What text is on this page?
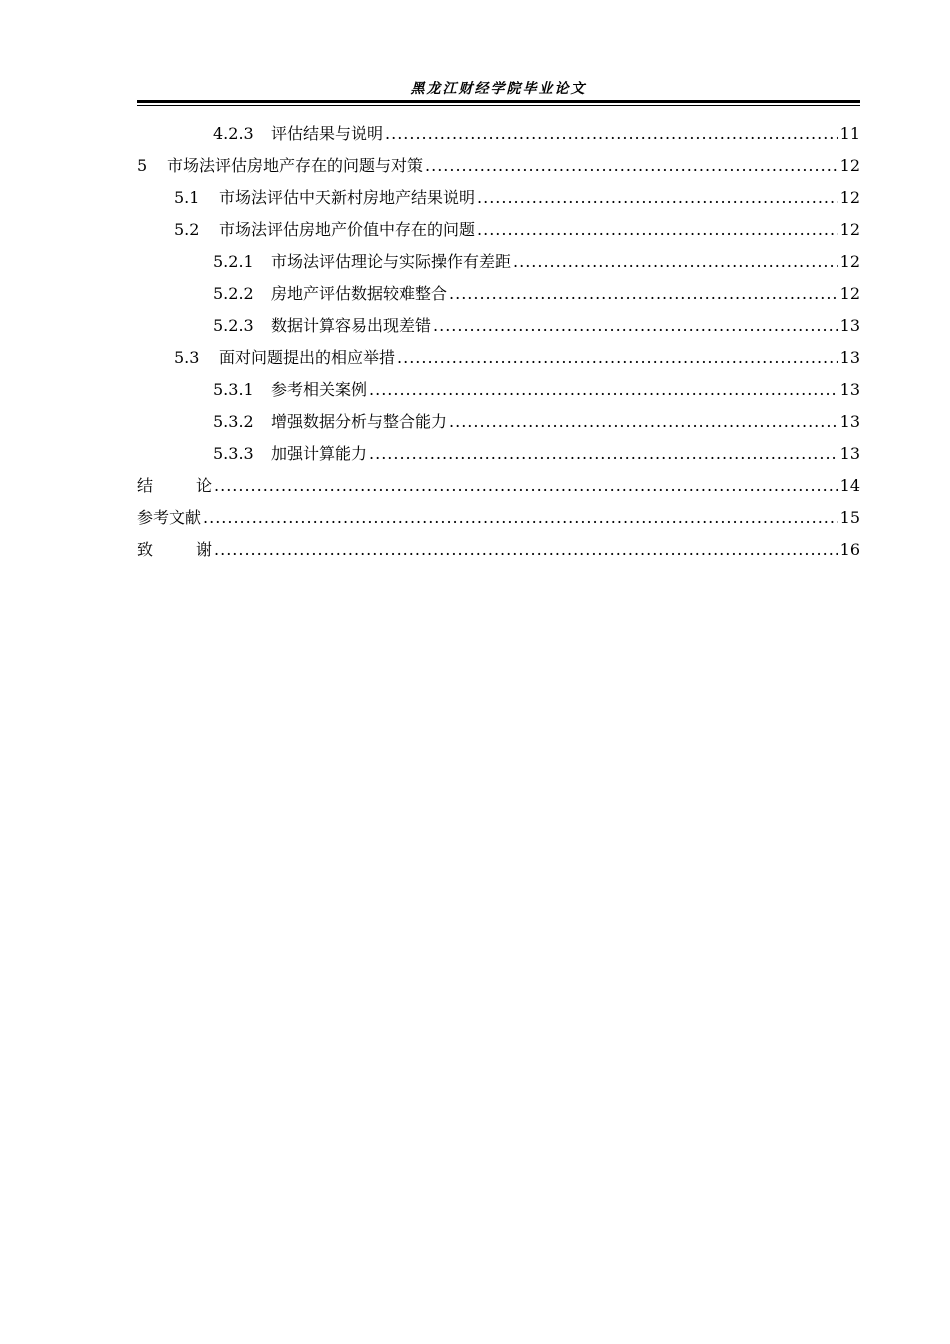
黑龙江财经学院毕业论文
4.2.3	评估结果与说明 .....	11
5	市场法评估房地产存在的问题与对策 .....	12
5.1	市场法评估中天新村房地产结果说明 .....	12
5.2	市场法评估房地产价值中存在的问题 .....	12
5.2.1	市场法评估理论与实际操作有差距 .....	12
5.2.2	房地产评估数据较难整合 .....	12
5.2.3	数据计算容易出现差错 .....	13
5.3	面对问题提出的相应举措 .....	13
5.3.1	参考相关案例 .....	13
5.3.2	增强数据分析与整合能力 .....	13
5.3.3	加强计算能力 .....	13
结论 .....	14
参考文献 .....	15
致谢 .....	16
